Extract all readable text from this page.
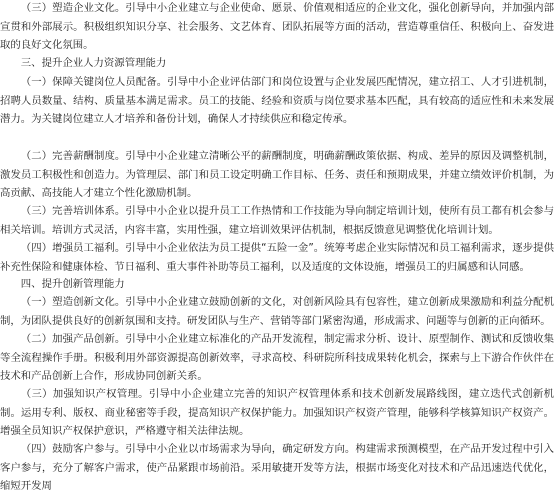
（三）塑造企业文化。引导中小企业建立与企业使命、愿景、价值观相适应的企业文化，强化创新导向，并加强内部宣贯和外部展示。积极组织知识分享、社会服务、文艺体育、团队拓展等方面的活动，营造尊重信任、积极向上、奋发进取的良好文化氛围。

三、提升企业人力资源管理能力

（一）保障关键岗位人员配备。引导中小企业评估部门和岗位设置与企业发展匹配情况，建立招工、人才引进机制，招聘人员数量、结构、质量基本满足需求。员工的技能、经验和资质与岗位要求基本匹配，具有较高的适应性和未来发展潜力。为关键岗位建立人才培养和备份计划，确保人才持续供应和稳定传承。

（二）完善薪酬制度。引导中小企业建立清晰公平的薪酬制度，明确薪酬政策依据、构成、差异的原因及调整机制，激发员工积极性和创造力。为管理层、部门和员工设定明确工作目标、任务、责任和预期成果，并建立绩效评价机制，为高贡献、高技能人才建立个性化激励机制。

（三）完善培训体系。引导中小企业以提升员工工作热情和工作技能为导向制定培训计划，使所有员工都有机会参与相关培训。培训方式灵活，内容丰富，实用性强，建立培训效果评估机制，根据反馈意见调整优化培训计划。

（四）增强员工福利。引导中小企业依法为员工提供“五险一金”。统筹考虑企业实际情况和员工福利需求，逐步提供补充性保险和健康体检、节日福利、重大事件补助等员工福利，以及适度的文体设施，增强员工的归属感和认同感。

四、提升创新管理能力

（一）塑造创新文化。引导中小企业建立鼓励创新的文化，对创新风险具有包容性，建立创新成果激励和利益分配机制，为团队提供良好的创新氛围和支持。研发团队与生产、营销等部门紧密沟通，形成需求、问题等与创新的正向循环。

（二）加强产品创新。引导中小企业建立标准化的产品开发流程，制定需求分析、设计、原型制作、测试和反馈收集等全流程操作手册。积极利用外部资源提高创新效率，寻求高校、科研院所科技成果转化机会，探索与上下游合作伙伴在技术和产品创新上合作，形成协同创新关系。

（三）加强知识产权管理。引导中小企业建立完善的知识产权管理体系和技术创新发展路线图，建立迭代式创新机制。运用专利、版权、商业秘密等手段，提高知识产权保护能力。加强知识产权资产管理，能够科学核算知识产权资产。增强全员知识产权保护意识，严格遵守相关法律法规。

（四）鼓励客户参与。引导中小企业以市场需求为导向，确定研发方向。构建需求预测模型，在产品开发过程中引入客户参与，充分了解客户需求，使产品紧跟市场前沿。采用敏捷开发等方法，根据市场变化对技术和产品迅速迭代优化，缩短开发周
